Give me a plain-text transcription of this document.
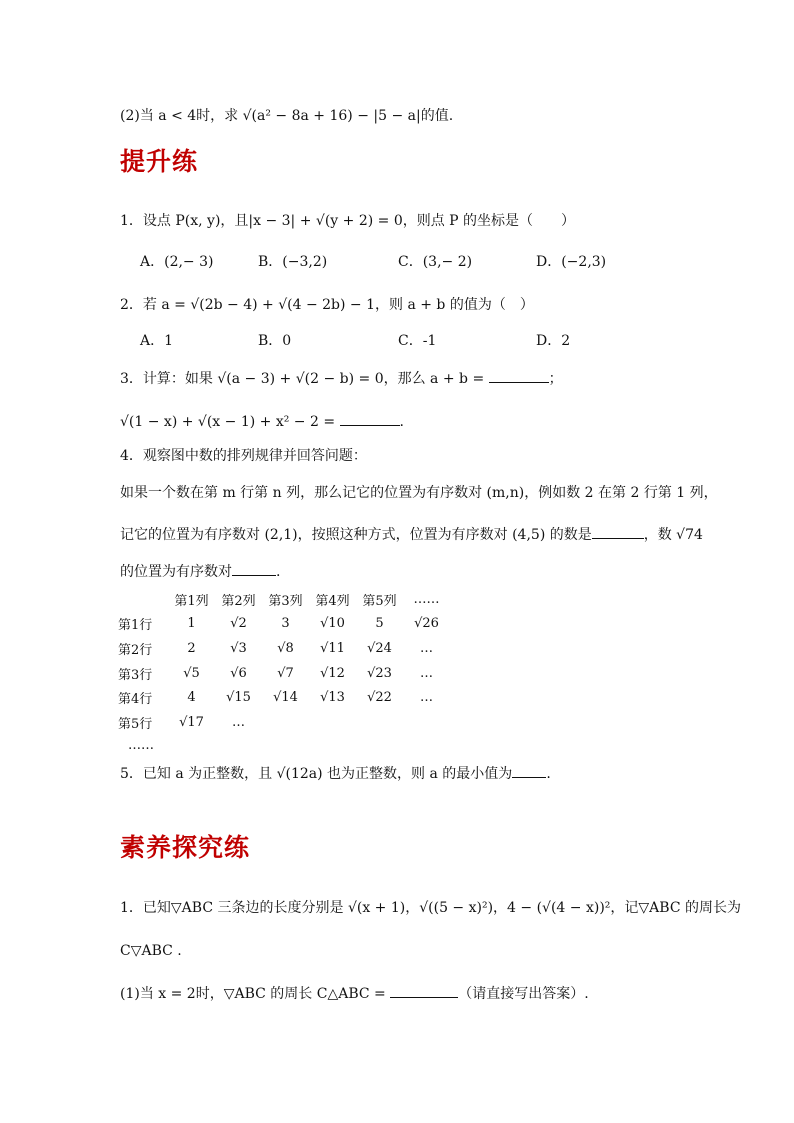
(2)当 a < 4时，求 √(a² − 8a + 16) − |5 − a|的值.
提升练
1．设点 P(x, y)，且|x − 3| + √(y + 2) = 0，则点 P 的坐标是（　　）
A．(2,− 3)	B．(−3,2)	C．(3,− 2)	D．(−2,3)
2．若 a = √(2b − 4) + √(4 − 2b) − 1，则 a + b 的值为（　）
A．1	B．0	C．-1	D．2
3．计算：如果 √(a − 3) + √(2 − b) = 0，那么 a + b =	；
√(1 − x) + √(x − 1) + x² − 2 =	.
4．观察图中数的排列规律并回答问题：
如果一个数在第 m 行第 n 列，那么记它的位置为有序数对 (m,n)，例如数 2 在第 2 行第 1 列，
记它的位置为有序数对 (2,1)，按照这种方式，位置为有序数对 (4,5) 的数是	，数 √74
的位置为有序数对	.
	第1列	第2列	第3列	第4列	第5列	……
第1行	1	√2	3	√10	5	√26
第2行	2	√3	√8	√11	√24	…
第3行	√5	√6	√7	√12	√23	…
第4行	4	√15	√14	√13	√22	…
第5行	√17	…				
……
5．已知 a 为正整数，且 √(12a) 也为正整数，则 a 的最小值为 .
素养探究练
1．已知▽ABC 三条边的长度分别是 √(x + 1)，√((5 − x)²)，4 − (√(4 − x))²，记▽ABC 的周长为
C▽ABC .
(1)当 x = 2时，▽ABC 的周长 C△ABC =	（请直接写出答案）.
